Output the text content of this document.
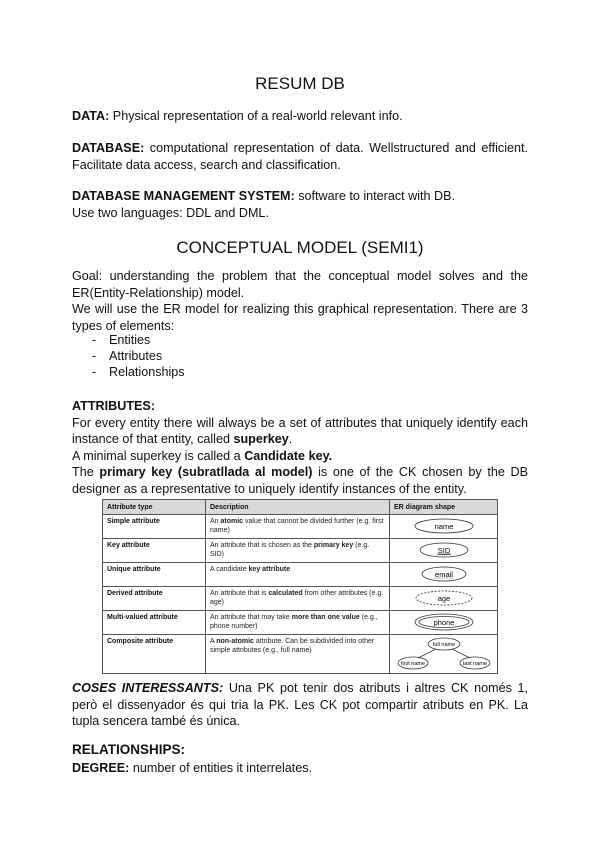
RESUM DB
DATA: Physical representation of a real-world relevant info.
DATABASE: computational representation of data. Wellstructured and efficient. Facilitate data access, search and classification.
DATABASE MANAGEMENT SYSTEM: software to interact with DB.
Use two languages: DDL and DML.
CONCEPTUAL MODEL (SEMI1)
Goal: understanding the problem that the conceptual model solves and the ER(Entity-Relationship) model.
We will use the ER model for realizing this graphical representation. There are 3 types of elements:
- Entities
- Attributes
- Relationships
ATTRIBUTES:
For every entity there will always be a set of attributes that uniquely identify each instance of that entity, called superkey.
A minimal superkey is called a Candidate key.
The primary key (subratllada al model) is one of the CK chosen by the DB designer as a representative to uniquely identify instances of the entity.
Attribute type	Description	ER diagram shape
Simple attribute	An atomic value that cannot be divided further (e.g. first name)	name

Key attribute	An attribute that is chosen as the primary key (e.g. SID)	SID

Unique attribute	A candidate key attribute	email

Derived attribute	An attribute that is calculated from other attributes (e.g. age)	age

Multi-valued attribute	An attribute that may take more than one value (e.g., phone number)	phone

Composite attribute	A non-atomic attribute. Can be subdivided into other simple attributes (e.g., full name)	full name
first name last name
COSES INTERESSANTS: Una PK pot tenir dos atributs i altres CK només 1, però el dissenyador és qui tria la PK. Les CK pot compartir atributs en PK. La tupla sencera també és única.
RELATIONSHIPS:
DEGREE: number of entities it interrelates.
